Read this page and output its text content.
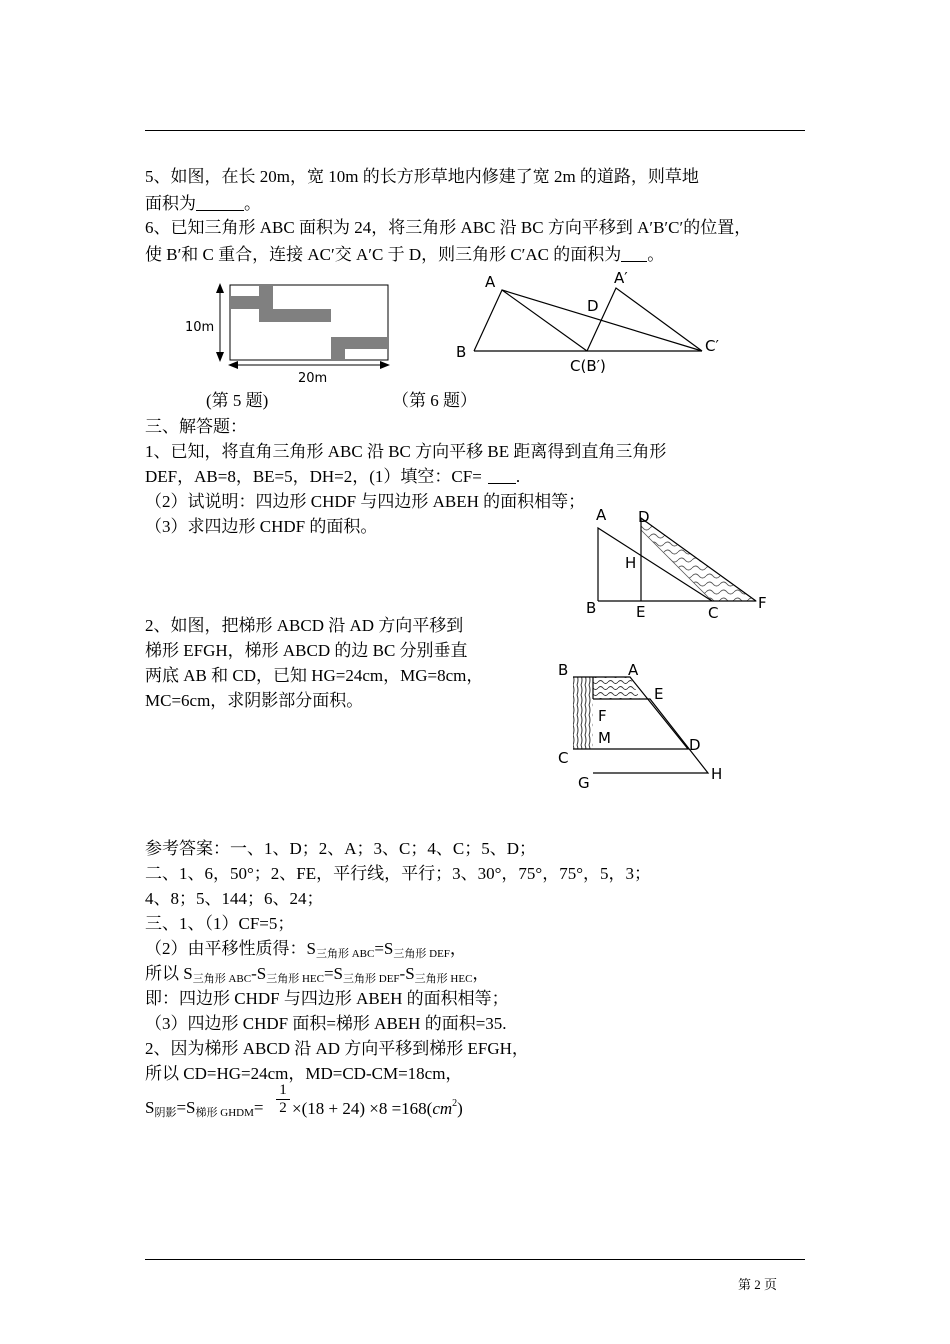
5、如图，在长 20m，宽 10m 的长方形草地内修建了宽 2m 的道路，则草地
面积为	。
6、已知三角形 ABC 面积为 24，将三角形 ABC 沿 BC 方向平移到 A′B′C′的位置，
使 B′和 C 重合，连接 AC′交 A′C 于 D，则三角形 C′AC 的面积为 。
10m
20m
(第 5 题)
A	A′
D
B
C(B′)
C′
（第 6 题）
三、解答题：
1、已知，将直角三角形 ABC 沿 BC 方向平移 BE 距离得到直角三角形
DEF，AB=8，BE=5，DH=2，(1）填空：CF= .
（2）试说明：四边形 CHDF 与四边形 ABEH 的面积相等；
（3）求四边形 CHDF 的面积。
A D
H
B	E	C
F
2、如图，把梯形 ABCD 沿 AD 方向平移到
梯形 EFGH，梯形 ABCD 的边 BC 分别垂直
两底 AB 和 CD，已知 HG=24cm，MG=8cm，
MC=6cm，求阴影部分面积。
B	A
E
F
M	D
C
G	H
参考答案：一、1、D；2、A；3、C；4、C；5、D；
二、1、6，50°；2、FE，平行线，平行；3、30°，75°，75°，5，3；
4、8；5、144；6、24；
三、1、（1）CF=5；
（2）由平移性质得：$S_{三角形 ABC}=S_{三角形 DEF}$，
所以 $S_{三角形 ABC}-S_{三角形 HEC}=S_{三角形 DEF}-S_{三角形 HEC}$，
即：四边形 CHDF 与四边形 ABEH 的面积相等；
（3）四边形 CHDF 面积=梯形 ABEH 的面积=35.
2、因为梯形 ABCD 沿 AD 方向平移到梯形 EFGH，
所以 CD=HG=24cm，MD=CD-CM=18cm，
$S_{阴影}=S_{梯形 GHDM}=$
1
$2 \times(18 + 24) \times 8 =168(cm^2)$
第 2 页
